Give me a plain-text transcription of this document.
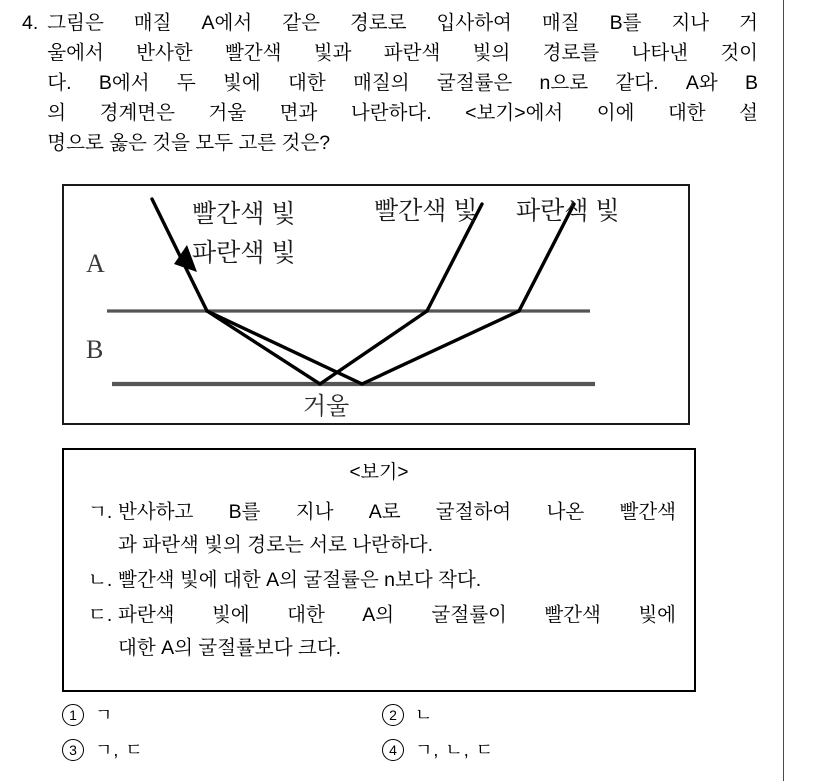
4. 그림은 매질 A에서 같은 경로로 입사하여 매질 B를 지나 거
울에서 반사한 빨간색 빛과 파란색 빛의 경로를 나타낸 것이
다. B에서 두 빛에 대한 매질의 굴절률은 n으로 같다. A와 B
의 경계면은 거울 면과 나란하다. <보기>에서 이에 대한 설
명으로 옳은 것을 모두 고른 것은?
A
B
거울
빨간색 빛
파란색 빛
빨간색 빛 파란색 빛
<보기>
ㄱ. 반사하고 B를 지나 A로 굴절하여 나온 빨간색
과 파란색 빛의 경로는 서로 나란하다.
ㄴ. 빨간색 빛에 대한 A의 굴절률은 n보다 작다.
ㄷ. 파란색 빛에 대한 A의 굴절률이 빨간색 빛에
대한 A의 굴절률보다 크다.
1	ㄱ	2	ㄴ
3	ㄱ, ㄷ	4	ㄱ, ㄴ, ㄷ
